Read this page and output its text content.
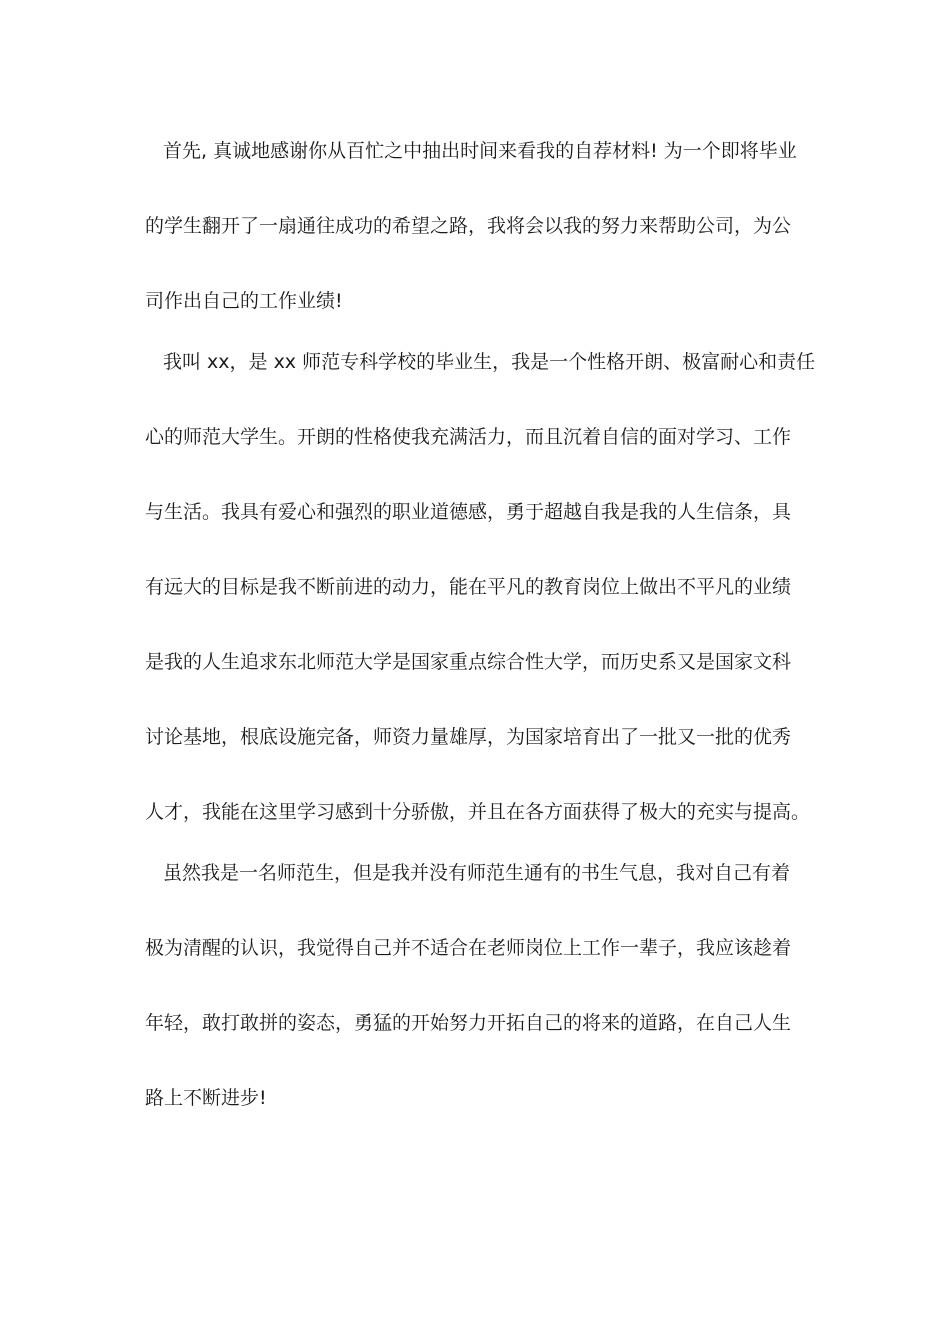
首先, 真诚地感谢你从百忙之中抽出时间来看我的自荐材料! 为一个即将毕业
的学生翻开了一扇通往成功的希望之路，我将会以我的努力来帮助公司，为公
司作出自己的工作业绩!
我叫 xx，是 xx 师范专科学校的毕业生，我是一个性格开朗、极富耐心和责任
心的师范大学生。开朗的性格使我充满活力，而且沉着自信的面对学习、工作
与生活。我具有爱心和强烈的职业道德感，勇于超越自我是我的人生信条，具
有远大的目标是我不断前进的动力，能在平凡的教育岗位上做出不平凡的业绩
是我的人生追求东北师范大学是国家重点综合性大学，而历史系又是国家文科
讨论基地，根底设施完备，师资力量雄厚，为国家培育出了一批又一批的优秀
人才，我能在这里学习感到十分骄傲，并且在各方面获得了极大的充实与提高。
虽然我是一名师范生，但是我并没有师范生通有的书生气息，我对自己有着
极为清醒的认识，我觉得自己并不适合在老师岗位上工作一辈子，我应该趁着
年轻，敢打敢拼的姿态，勇猛的开始努力开拓自己的将来的道路，在自己人生
路上不断进步!
